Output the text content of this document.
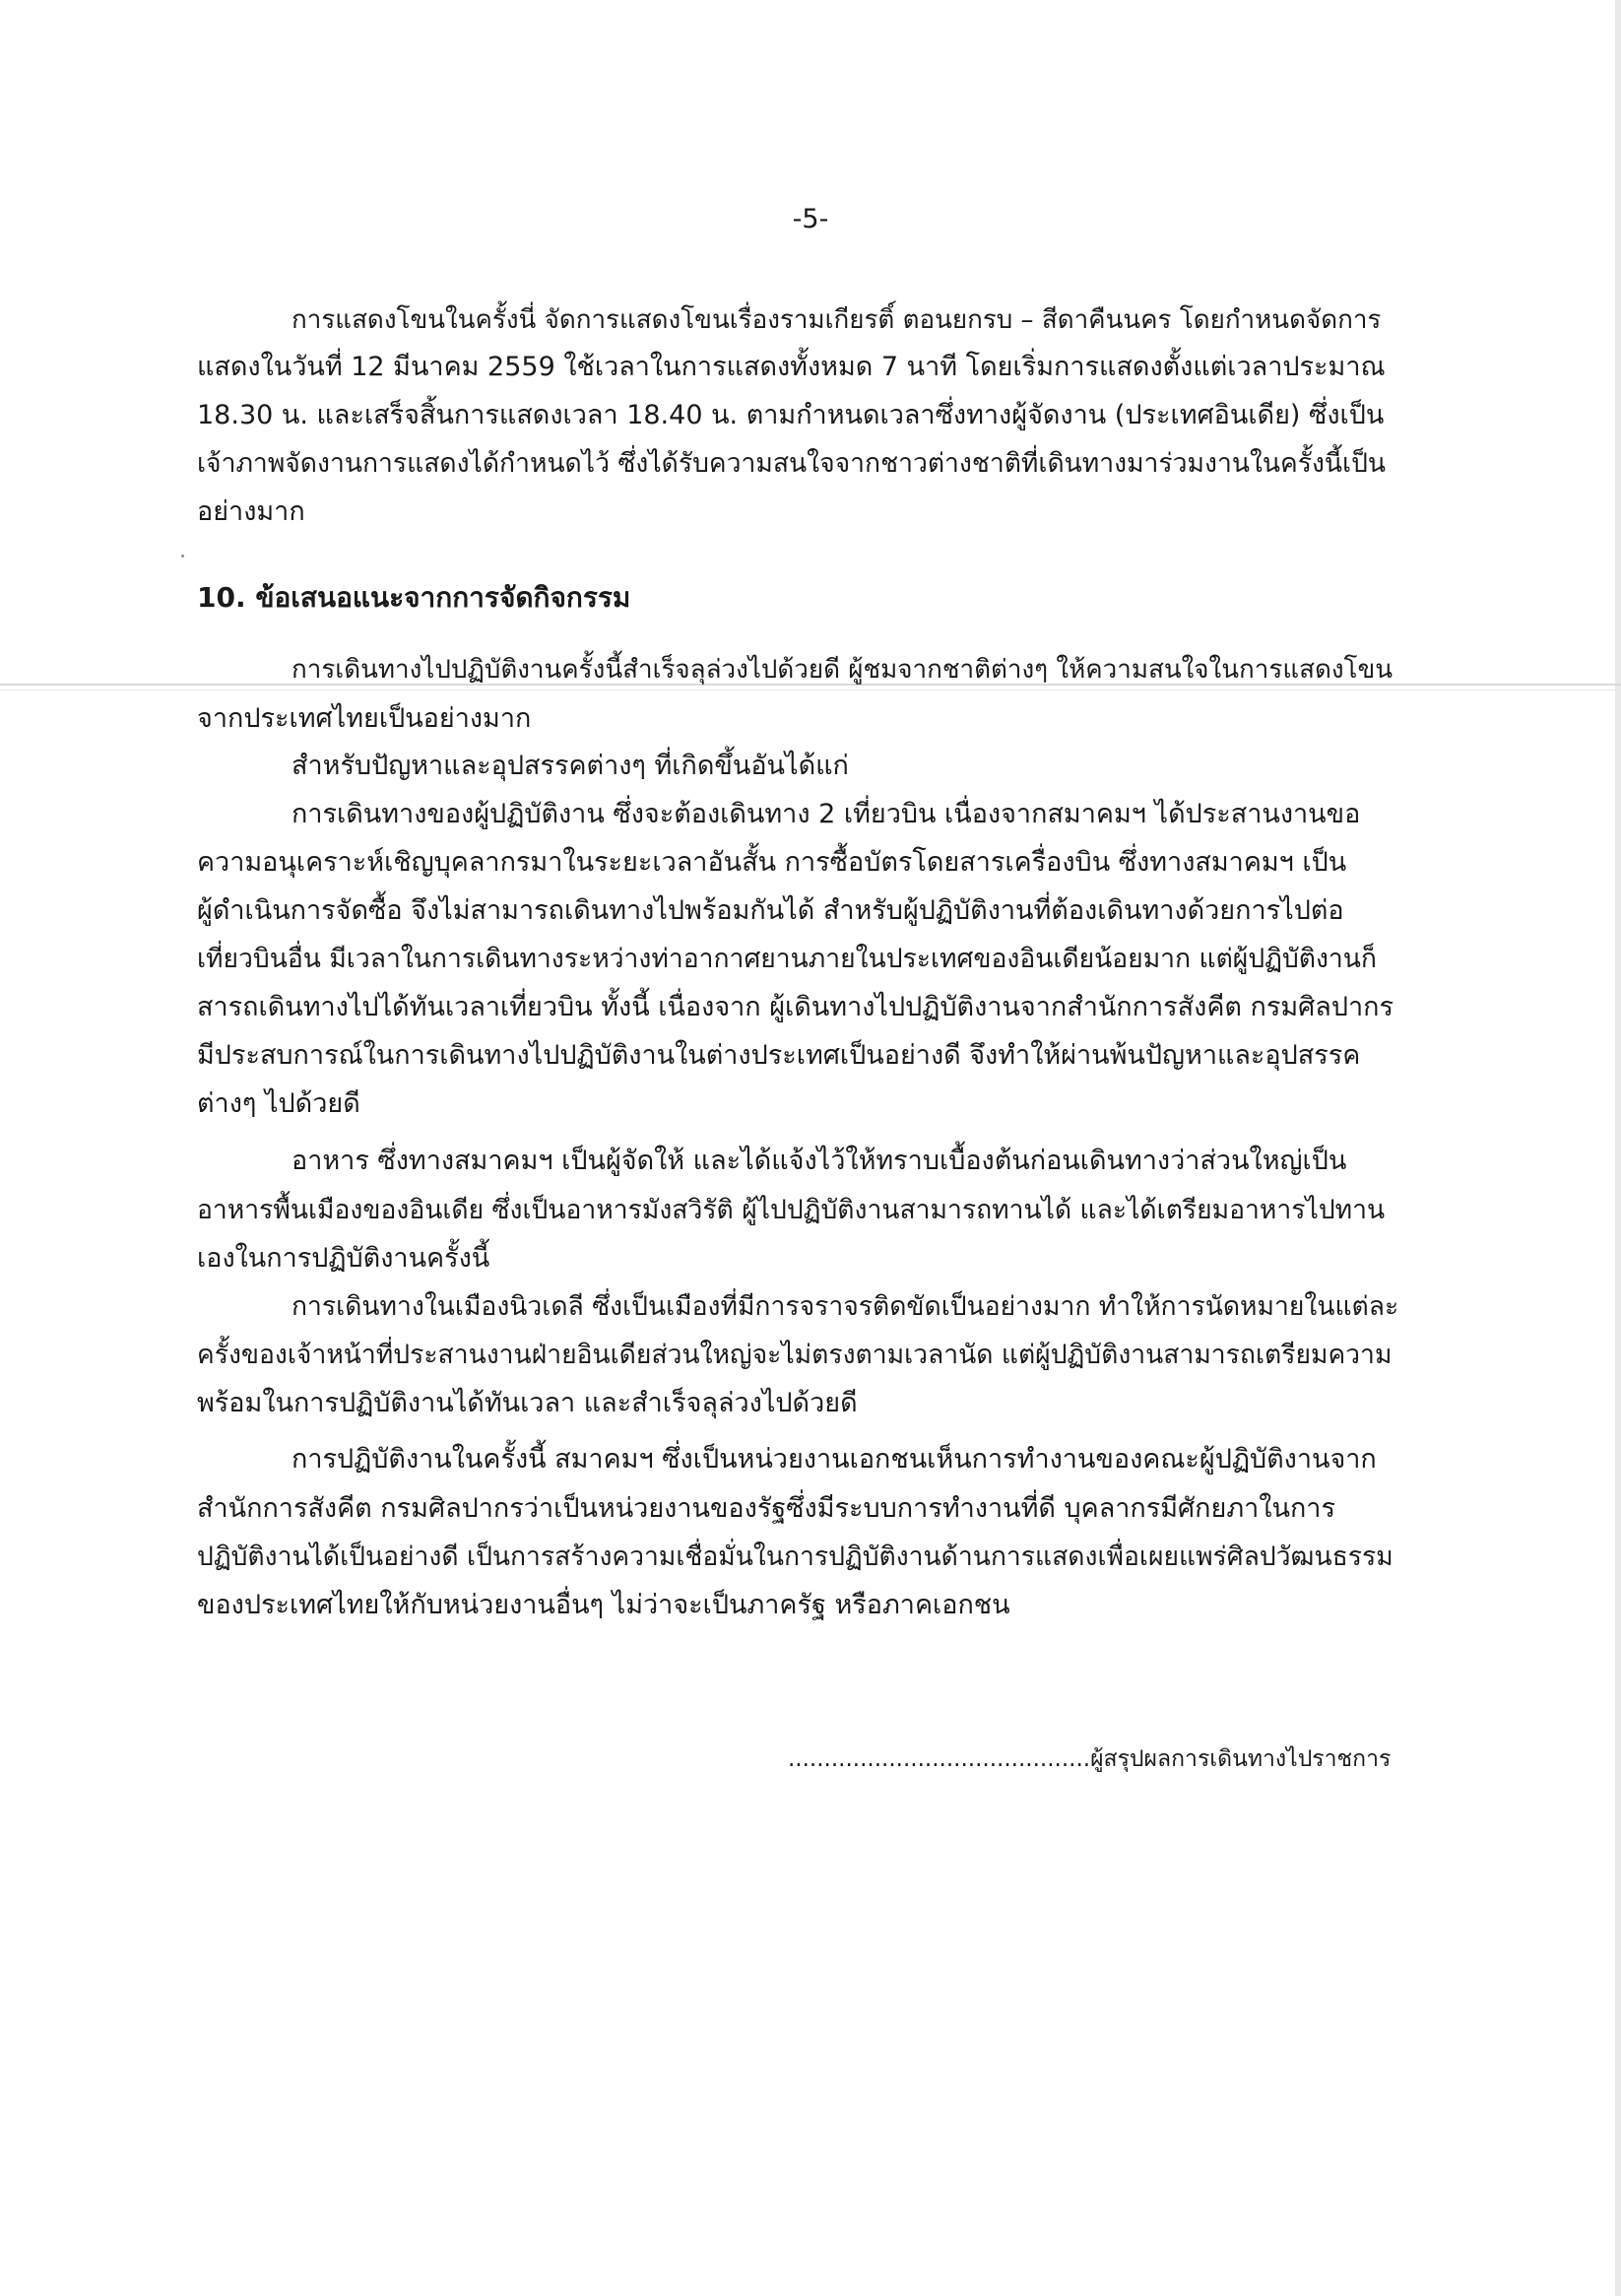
-5-
การแสดงโขนในครั้งนี่ จัดการแสดงโขนเรื่องรามเกียรติ์ ตอนยกรบ – สีดาคืนนคร โดยกำหนดจัดการ
แสดงในวันที่ 12 มีนาคม 2559 ใช้เวลาในการแสดงทั้งหมด 7 นาที โดยเริ่มการแสดงตั้งแต่เวลาประมาณ
18.30 น. และเสร็จสิ้นการแสดงเวลา 18.40 น. ตามกำหนดเวลาซึ่งทางผู้จัดงาน (ประเทศอินเดีย) ซึ่งเป็น
เจ้าภาพจัดงานการแสดงได้กำหนดไว้ ซึ่งได้รับความสนใจจากชาวต่างชาติที่เดินทางมาร่วมงานในครั้งนี้เป็น
อย่างมาก
10. ข้อเสนอแนะจากการจัดกิจกรรม
การเดินทางไปปฏิบัติงานครั้งนี้สำเร็จลุล่วงไปด้วยดี ผู้ชมจากชาติต่างๆ ให้ความสนใจในการแสดงโขน
จากประเทศไทยเป็นอย่างมาก
สำหรับปัญหาและอุปสรรคต่างๆ ที่เกิดขึ้นอันได้แก่
การเดินทางของผู้ปฏิบัติงาน ซึ่งจะต้องเดินทาง 2 เที่ยวบิน เนื่องจากสมาคมฯ ได้ประสานงานขอ
ความอนุเคราะห์เชิญบุคลากรมาในระยะเวลาอันสั้น การซื้อบัตรโดยสารเครื่องบิน ซึ่งทางสมาคมฯ เป็น
ผู้ดำเนินการจัดซื้อ จึงไม่สามารถเดินทางไปพร้อมกันได้ สำหรับผู้ปฏิบัติงานที่ต้องเดินทางด้วยการไปต่อ
เที่ยวบินอื่น มีเวลาในการเดินทางระหว่างท่าอากาศยานภายในประเทศของอินเดียน้อยมาก แต่ผู้ปฏิบัติงานก็
สารถเดินทางไปได้ทันเวลาเที่ยวบิน ทั้งนี้ เนื่องจาก ผู้เดินทางไปปฏิบัติงานจากสำนักการสังคีต กรมศิลปากร
มีประสบการณ์ในการเดินทางไปปฏิบัติงานในต่างประเทศเป็นอย่างดี จึงทำให้ผ่านพ้นปัญหาและอุปสรรค
ต่างๆ ไปด้วยดี
อาหาร ซึ่งทางสมาคมฯ เป็นผู้จัดให้ และได้แจ้งไว้ให้ทราบเบื้องต้นก่อนเดินทางว่าส่วนใหญ่เป็น
อาหารพื้นเมืองของอินเดีย ซึ่งเป็นอาหารมังสวิรัติ ผู้ไปปฏิบัติงานสามารถทานได้ และได้เตรียมอาหารไปทาน
เองในการปฏิบัติงานครั้งนี้
การเดินทางในเมืองนิวเดลี ซึ่งเป็นเมืองที่มีการจราจรติดขัดเป็นอย่างมาก ทำให้การนัดหมายในแต่ละ
ครั้งของเจ้าหน้าที่ประสานงานฝ่ายอินเดียส่วนใหญ่จะไม่ตรงตามเวลานัด แต่ผู้ปฏิบัติงานสามารถเตรียมความ
พร้อมในการปฏิบัติงานได้ทันเวลา และสำเร็จลุล่วงไปด้วยดี
การปฏิบัติงานในครั้งนี้ สมาคมฯ ซึ่งเป็นหน่วยงานเอกชนเห็นการทำงานของคณะผู้ปฏิบัติงานจาก
สำนักการสังคีต กรมศิลปากรว่าเป็นหน่วยงานของรัฐซึ่งมีระบบการทำงานที่ดี บุคลากรมีศักยภาในการ
ปฏิบัติงานได้เป็นอย่างดี เป็นการสร้างความเชื่อมั่นในการปฏิบัติงานด้านการแสดงเพื่อเผยแพร่ศิลปวัฒนธรรม
ของประเทศไทยให้กับหน่วยงานอื่นๆ ไม่ว่าจะเป็นภาครัฐ หรือภาคเอกชน
..........................................ผู้สรุปผลการเดินทางไปราชการ
